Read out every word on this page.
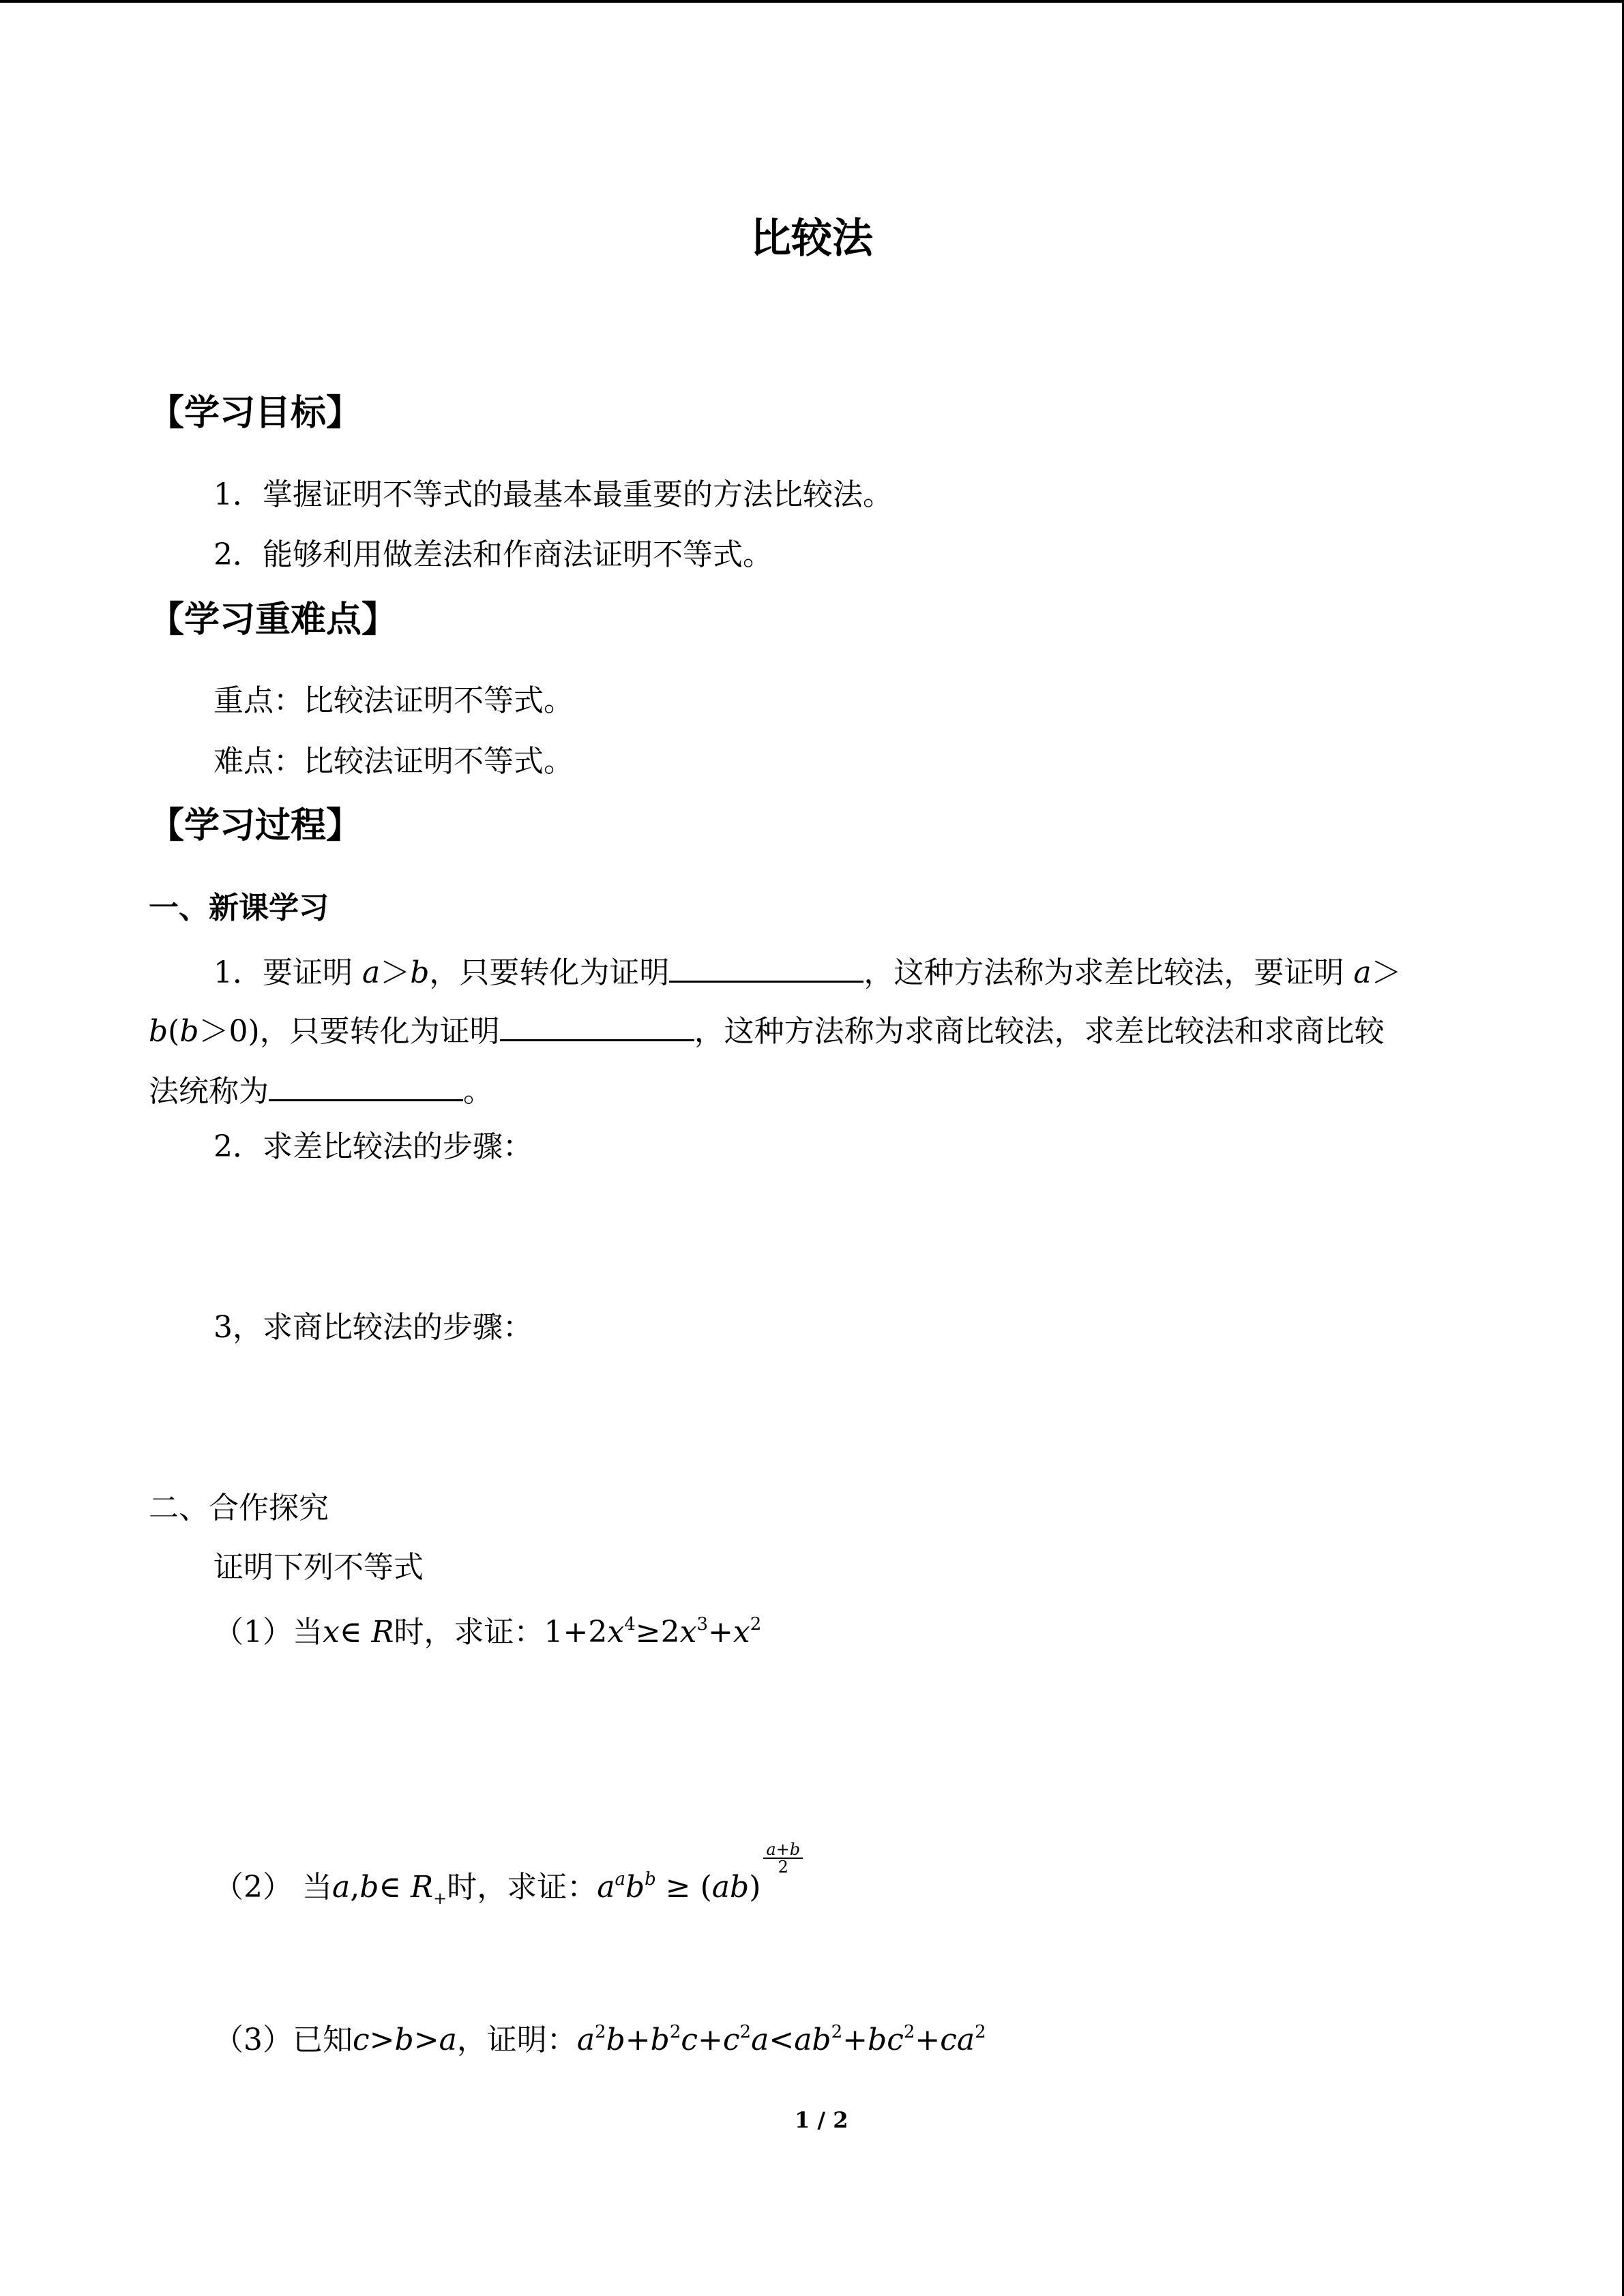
比较法
【学习目标】
1．掌握证明不等式的最基本最重要的方法比较法。
2．能够利用做差法和作商法证明不等式。
【学习重难点】
重点：比较法证明不等式。
难点：比较法证明不等式。
【学习过程】
一、新课学习
1．要证明 a＞b，只要转化为证明	，这种方法称为求差比较法，要证明 a＞
b(b＞0)，只要转化为证明	，这种方法称为求商比较法，求差比较法和求商比较
法统称为	。
2．求差比较法的步骤：
3，求商比较法的步骤：
二、合作探究
证明下列不等式
（1）当x∈ R时，求证：$1+2x^4\ge 2x^3+x^2$
（2） 当a,b∈ $R_+$时，求证：$a^ab^b \ge (ab)$
$\frac{a+b}{2}$
（3）已知c>b>a，证明：$a^2b+b^2c+c^2a<ab^2+bc^2+ca^2$
1 / 2
